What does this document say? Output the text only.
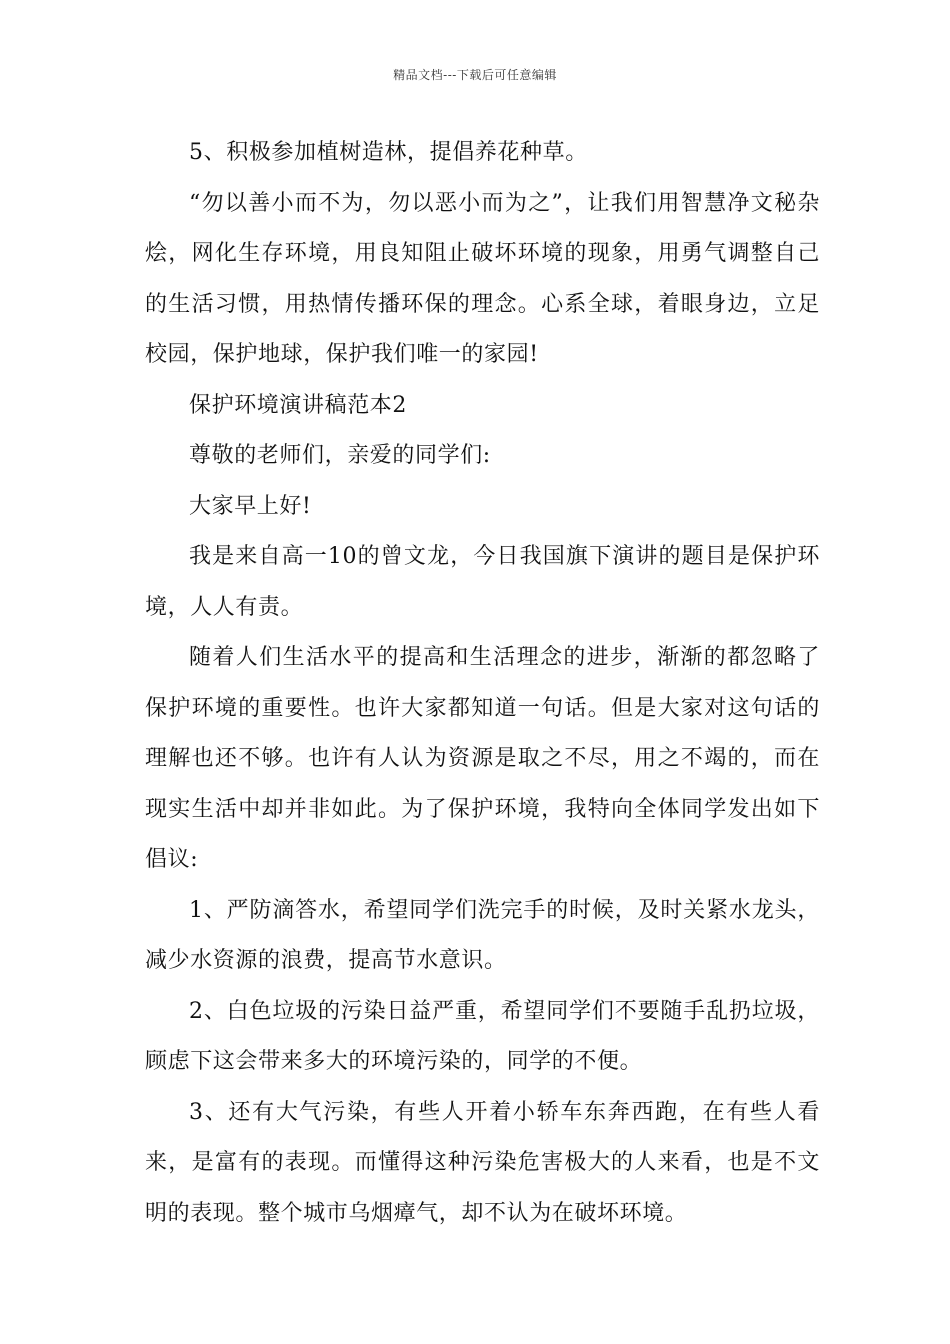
精品文档---下载后可任意编辑

5、积极参加植树造林，提倡养花种草。

“勿以善小而不为，勿以恶小而为之”，让我们用智慧净文秘杂烩，网化生存环境，用良知阻止破坏环境的现象，用勇气调整自己的生活习惯，用热情传播环保的理念。心系全球，着眼身边，立足校园，保护地球，保护我们唯一的家园!

保护环境演讲稿范本2

尊敬的老师们，亲爱的同学们:

大家早上好!

我是来自高一10的曾文龙，今日我国旗下演讲的题目是保护环境，人人有责。

随着人们生活水平的提高和生活理念的进步，渐渐的都忽略了保护环境的重要性。也许大家都知道一句话。但是大家对这句话的理解也还不够。也许有人认为资源是取之不尽，用之不竭的，而在现实生活中却并非如此。为了保护环境，我特向全体同学发出如下倡议:

1、严防滴答水，希望同学们洗完手的时候，及时关紧水龙头，减少水资源的浪费，提高节水意识。

2、白色垃圾的污染日益严重，希望同学们不要随手乱扔垃圾，顾虑下这会带来多大的环境污染的，同学的不便。

3、还有大气污染，有些人开着小轿车东奔西跑，在有些人看来，是富有的表现。而懂得这种污染危害极大的人来看，也是不文明的表现。整个城市乌烟瘴气，却不认为在破坏环境。
